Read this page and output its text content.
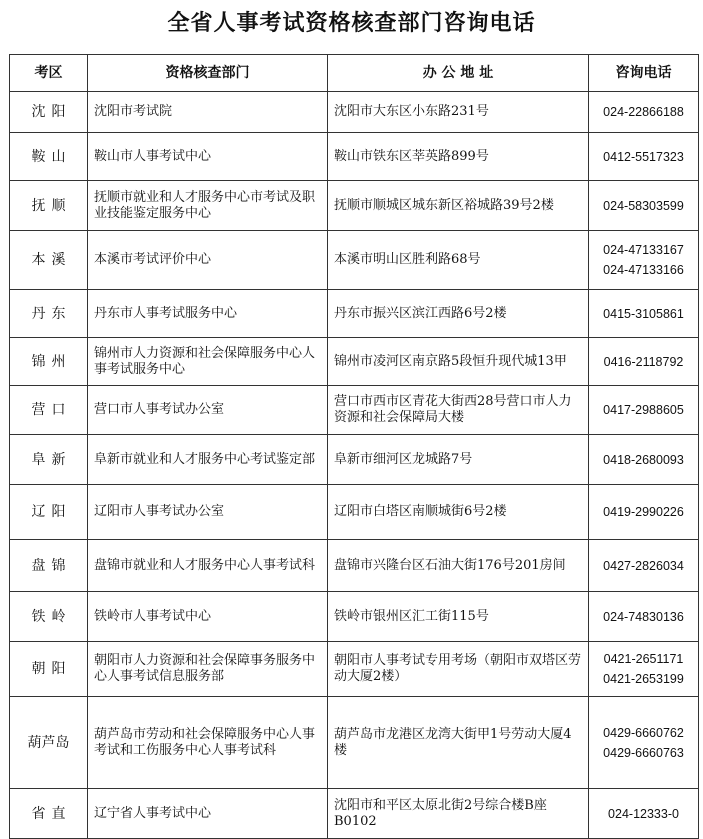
全省人事考试资格核查部门咨询电话
考区	资格核查部门	办 公 地 址	咨询电话
沈阳	沈阳市考试院	沈阳市大东区小东路231号	024-22866188

鞍山	鞍山市人事考试中心	鞍山市铁东区莘英路899号	0412-5517323

抚顺	抚顺市就业和人才服务中心市考试及职业技能鉴定服务中心	抚顺市顺城区城东新区裕城路39号2楼	024-58303599

本溪	本溪市考试评价中心	本溪市明山区胜利路68号	024-47133167
024-47133166

丹东	丹东市人事考试服务中心	丹东市振兴区滨江西路6号2楼	0415-3105861

锦州	锦州市人力资源和社会保障服务中心人事考试服务中心	锦州市凌河区南京路5段恒升现代城13甲	0416-2118792

营口	营口市人事考试办公室	营口市西市区青花大街西28号营口市人力资源和社会保障局大楼	0417-2988605

阜新	阜新市就业和人才服务中心考试鉴定部	阜新市细河区龙城路7号	0418-2680093

辽阳	辽阳市人事考试办公室	辽阳市白塔区南顺城街6号2楼	0419-2990226

盘锦	盘锦市就业和人才服务中心人事考试科	盘锦市兴隆台区石油大街176号201房间	0427-2826034

铁岭	铁岭市人事考试中心	铁岭市银州区汇工街115号	024-74830136

朝阳	朝阳市人力资源和社会保障事务服务中心人事考试信息服务部	朝阳市人事考试专用考场（朝阳市双塔区劳动大厦2楼）	0421-2651171
0421-2653199

葫芦岛	葫芦岛市劳动和社会保障服务中心人事考试和工伤服务中心人事考试科	葫芦岛市龙港区龙湾大街甲1号劳动大厦4楼	0429-6660762
0429-6660763

省直	辽宁省人事考试中心	沈阳市和平区太原北街2号综合楼B座B0102	024-12333-0
